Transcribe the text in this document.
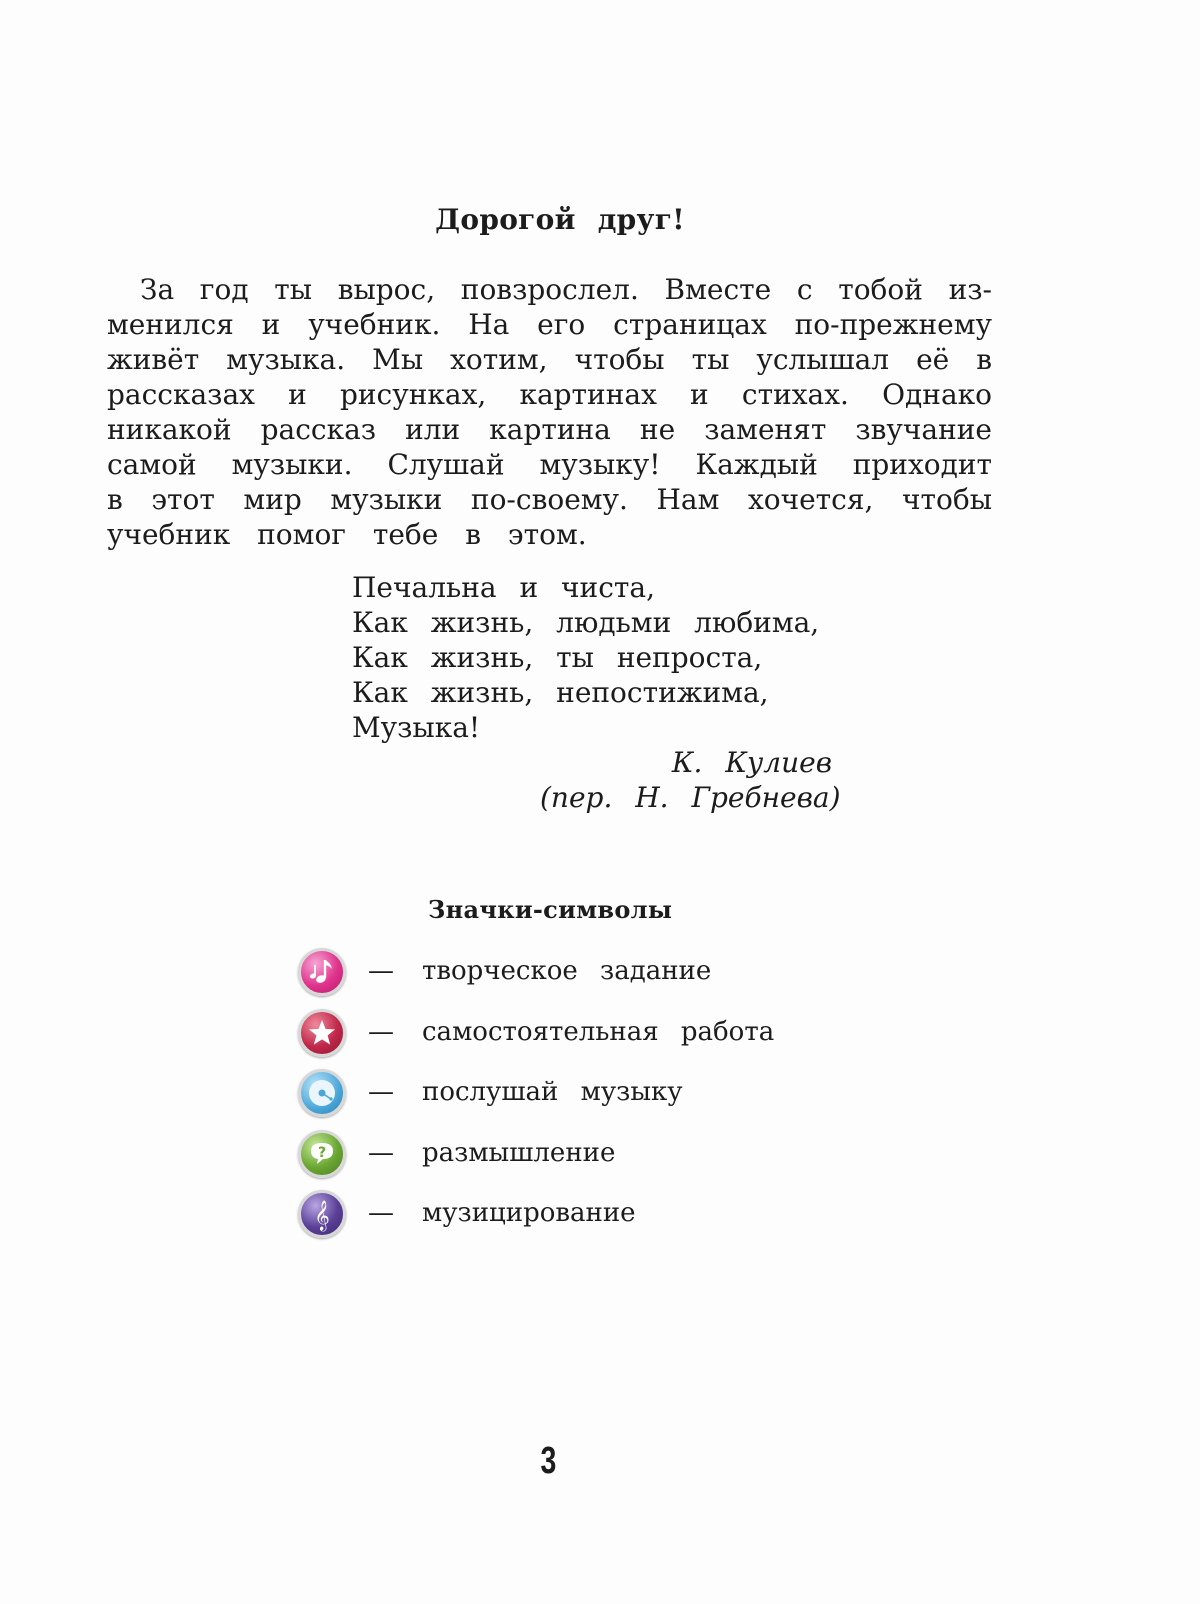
Дорогой друг!
За год ты вырос, повзрослел. Вместе с тобой из-
менился и учебник. На его страницах по-прежнему
живёт музыка. Мы хотим, чтобы ты услышал её в
рассказах и рисунках, картинах и стихах. Однако
никакой рассказ или картина не заменят звучание
самой музыки. Слушай музыку! Каждый приходит
в этот мир музыки по-своему. Нам хочется, чтобы
учебник помог тебе в этом.
Печальна и чиста,
Как жизнь, людьми любима,
Как жизнь, ты непроста,
Как жизнь, непостижима,
Музыка!
К. Кулиев
(пер. Н. Гребнева)
Значки-символы
— творческое задание
— самостоятельная работа
— послушай музыку
? — размышление
𝄞 — музицирование
3
